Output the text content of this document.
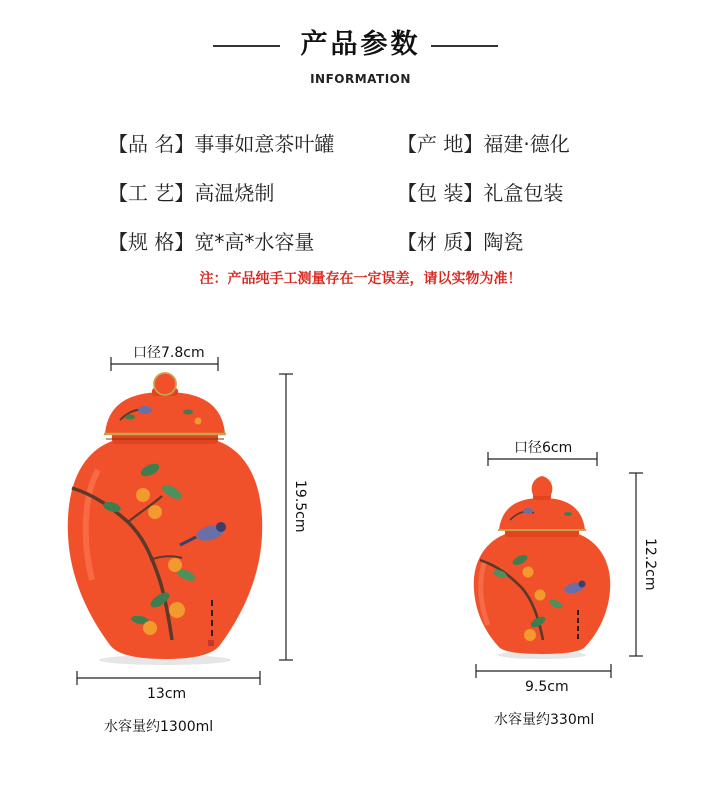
产品参数
INFORMATION
【品 名】事事如意茶叶罐	【产 地】福建·德化
【工 艺】高温烧制	【包 装】礼盒包装
【规 格】宽*高*水容量	【材 质】陶瓷
注：产品纯手工测量存在一定误差，请以实物为准！
口径7.8cm
19.5cm
13cm
水容量约1300ml
口径6cm
12.2cm
9.5cm
水容量约330ml
